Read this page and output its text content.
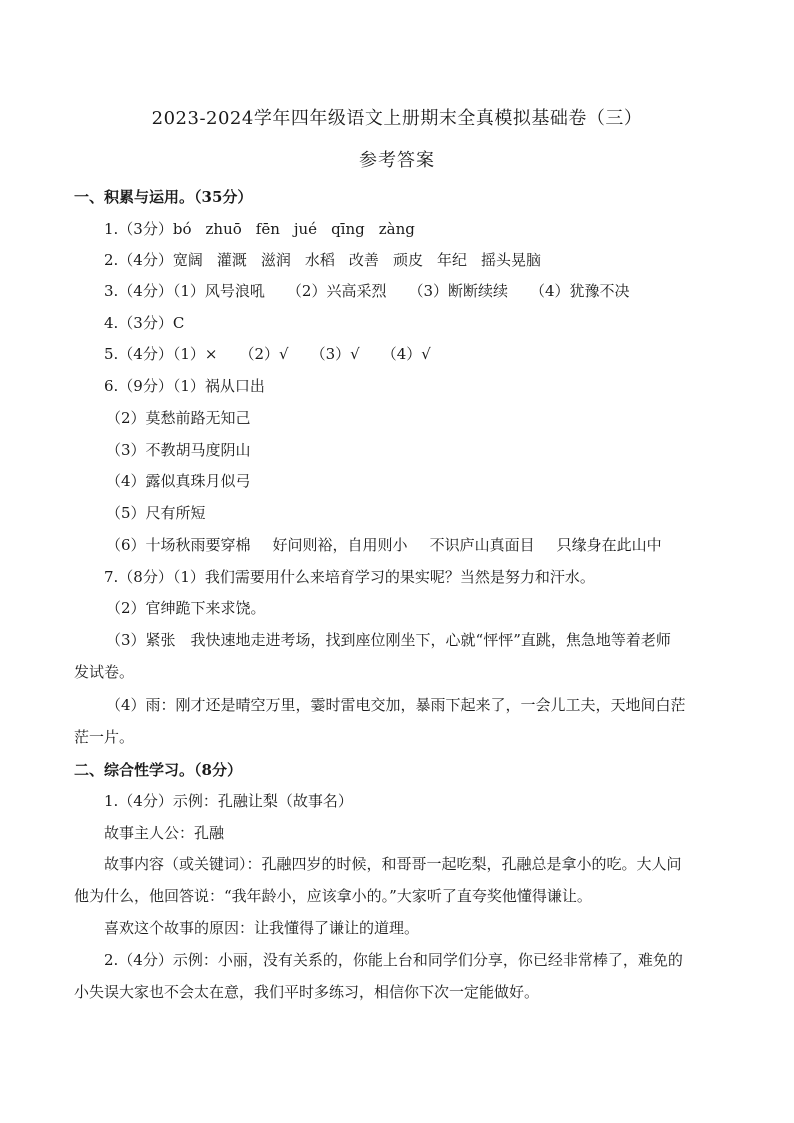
2023-2024学年四年级语文上册期末全真模拟基础卷（三）
参考答案
一、积累与运用。（35分）
1.（3分）bó zhuō fēn jué qīng zàng
2.（4分）宽阔 灌溉 滋润 水稻 改善 顽皮 年纪 摇头晃脑
3.（4分）（1）风号浪吼 （2）兴高采烈 （3）断断续续 （4）犹豫不决
4.（3分）C
5.（4分）（1）× （2）√ （3）√ （4）√
6.（9分）（1）祸从口出
（2）莫愁前路无知己
（3）不教胡马度阴山
（4）露似真珠月似弓
（5）尺有所短
（6）十场秋雨要穿棉 好问则裕，自用则小 不识庐山真面目 只缘身在此山中
7.（8分）（1）我们需要用什么来培育学习的果实呢？当然是努力和汗水。
（2）官绅跪下来求饶。
（3）紧张　我快速地走进考场，找到座位刚坐下，心就“怦怦”直跳，焦急地等着老师
发试卷。
（4）雨：刚才还是晴空万里，霎时雷电交加，暴雨下起来了，一会儿工夫，天地间白茫
茫一片。
二、综合性学习。（8分）
1.（4分）示例：孔融让梨（故事名）
故事主人公：孔融
故事内容（或关键词）：孔融四岁的时候，和哥哥一起吃梨，孔融总是拿小的吃。大人问
他为什么，他回答说：“我年龄小，应该拿小的。”大家听了直夸奖他懂得谦让。
喜欢这个故事的原因：让我懂得了谦让的道理。
2.（4分）示例：小丽，没有关系的，你能上台和同学们分享，你已经非常棒了，难免的
小失误大家也不会太在意，我们平时多练习，相信你下次一定能做好。
